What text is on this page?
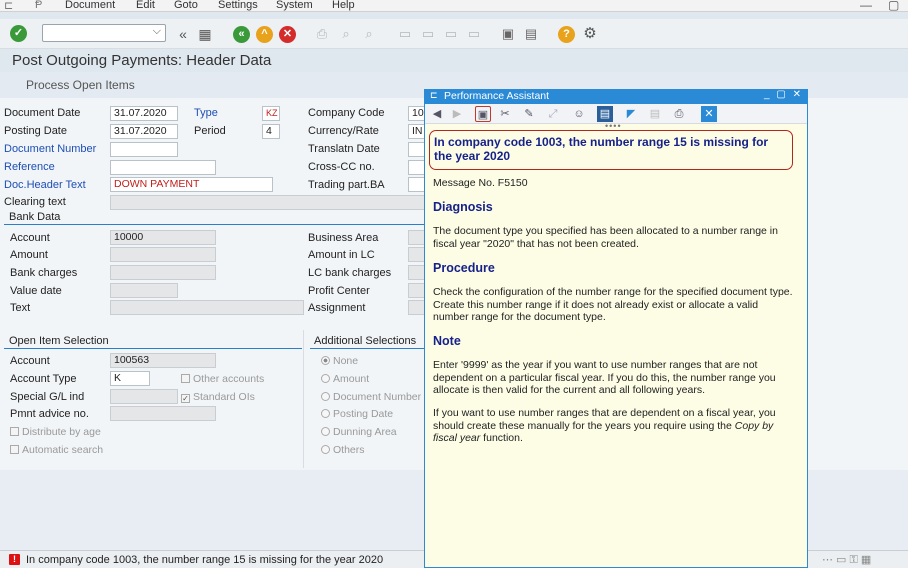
⊏ Ᵽ Document Edit Goto Settings System Help	— ▢
✓	⌵	« ▦	«	^	✕ ⎙	⌕	⌕	▭ ▭ ▭ ▭ ▣ ▤	? ⚙
Post Outgoing Payments: Header Data
Process Open Items
Document Date	31.07.2020	Type	KZ	Company Code	10
Posting Date	31.07.2020	Period	4	Currency/Rate	IN
Document Number	Translatn Date
Reference	Cross-CC no.
Doc.Header Text	DOWN PAYMENT	Trading part.BA
Clearing text
Bank Data
Account	10000	Business Area
Amount	Amount in LC
Bank charges	LC bank charges
Value date	Profit Center
Text	Assignment
Open Item Selection
Account	100563
Account Type	K	Other accounts
Special G/L ind	✓ Standard OIs
Pmnt advice no.
Distribute by age
Automatic search
Additional Selections
None
Amount
Document Number
Posting Date
Dunning Area
Others
! In company code 1003, the number range 15 is missing for the year 2020	⋯ ▭ ⚿ ▦
⊏ Performance Assistant	_ ▢ ✕
◀	▶	▣	✂	✎	⤢	☺ ▤	◤	▤	⎙	✕
••••
In company code 1003, the number range 15 is missing for the year 2020
Message No. F5150
Diagnosis
The document type you specified has been allocated to a number range in fiscal year "2020" that has not been created.
Procedure
Check the configuration of the number range for the specified document type. Create this number range if it does not already exist or allocate a valid number range for the document type.
Note
Enter '9999' as the year if you want to use number ranges that are not dependent on a particular fiscal year. If you do this, the number range you allocate is then valid for the current and all following years.
If you want to use number ranges that are dependent on a fiscal year, you should create these manually for the years you require using the Copy by fiscal year function.
